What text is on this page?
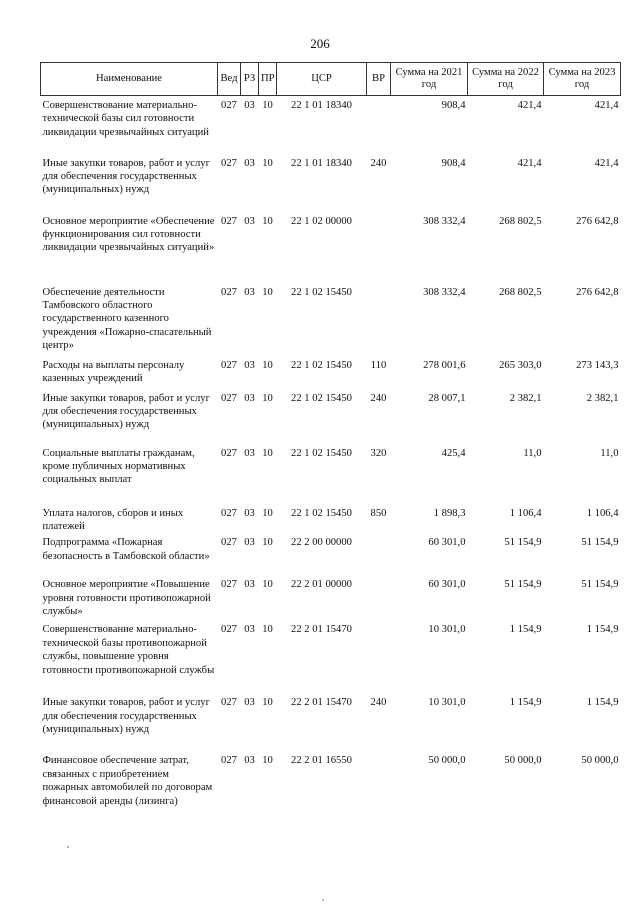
206
Наименование	Вед	РЗ	ПР	ЦСР	ВР	Сумма на 2021 год	Сумма на 2022 год	Сумма на 2023 год
Совершенствование материально-технической базы сил готовности ликвидации чрезвычайных ситуаций	027	03	10	22 1 01 18340		908,4	421,4	421,4
Иные закупки товаров, работ и услуг для обеспечения государственных (муниципальных) нужд	027	03	10	22 1 01 18340	240	908,4	421,4	421,4
Основное мероприятие «Обеспечение функционирования сил готовности ликвидации чрезвычайных ситуаций»	027	03	10	22 1 02 00000		308 332,4	268 802,5	276 642,8
Обеспечение деятельности Тамбовского областного государственного казенного учреждения «Пожарно-спасательный центр»	027	03	10	22 1 02 15450		308 332,4	268 802,5	276 642,8
Расходы на выплаты персоналу казенных учреждений	027	03	10	22 1 02 15450	110	278 001,6	265 303,0	273 143,3
Иные закупки товаров, работ и услуг для обеспечения государственных (муниципальных) нужд	027	03	10	22 1 02 15450	240	28 007,1	2 382,1	2 382,1
Социальные выплаты гражданам, кроме публичных нормативных социальных выплат	027	03	10	22 1 02 15450	320	425,4	11,0	11,0
Уплата налогов, сборов и иных платежей	027	03	10	22 1 02 15450	850	1 898,3	1 106,4	1 106,4
Подпрограмма «Пожарная безопасность в Тамбовской области»	027	03	10	22 2 00 00000		60 301,0	51 154,9	51 154,9
Основное мероприятие «Повышение уровня готовности противопожарной службы»	027	03	10	22 2 01 00000		60 301,0	51 154,9	51 154,9
Совершенствование материально-технической базы противопожарной службы, повышение уровня готовности противопожарной службы	027	03	10	22 2 01 15470		10 301,0	1 154,9	1 154,9
Иные закупки товаров, работ и услуг для обеспечения государственных (муниципальных) нужд	027	03	10	22 2 01 15470	240	10 301,0	1 154,9	1 154,9
Финансовое обеспечение затрат, связанных с приобретением пожарных автомобилей по договорам финансовой аренды (лизинга)	027	03	10	22 2 01 16550		50 000,0	50 000,0	50 000,0
